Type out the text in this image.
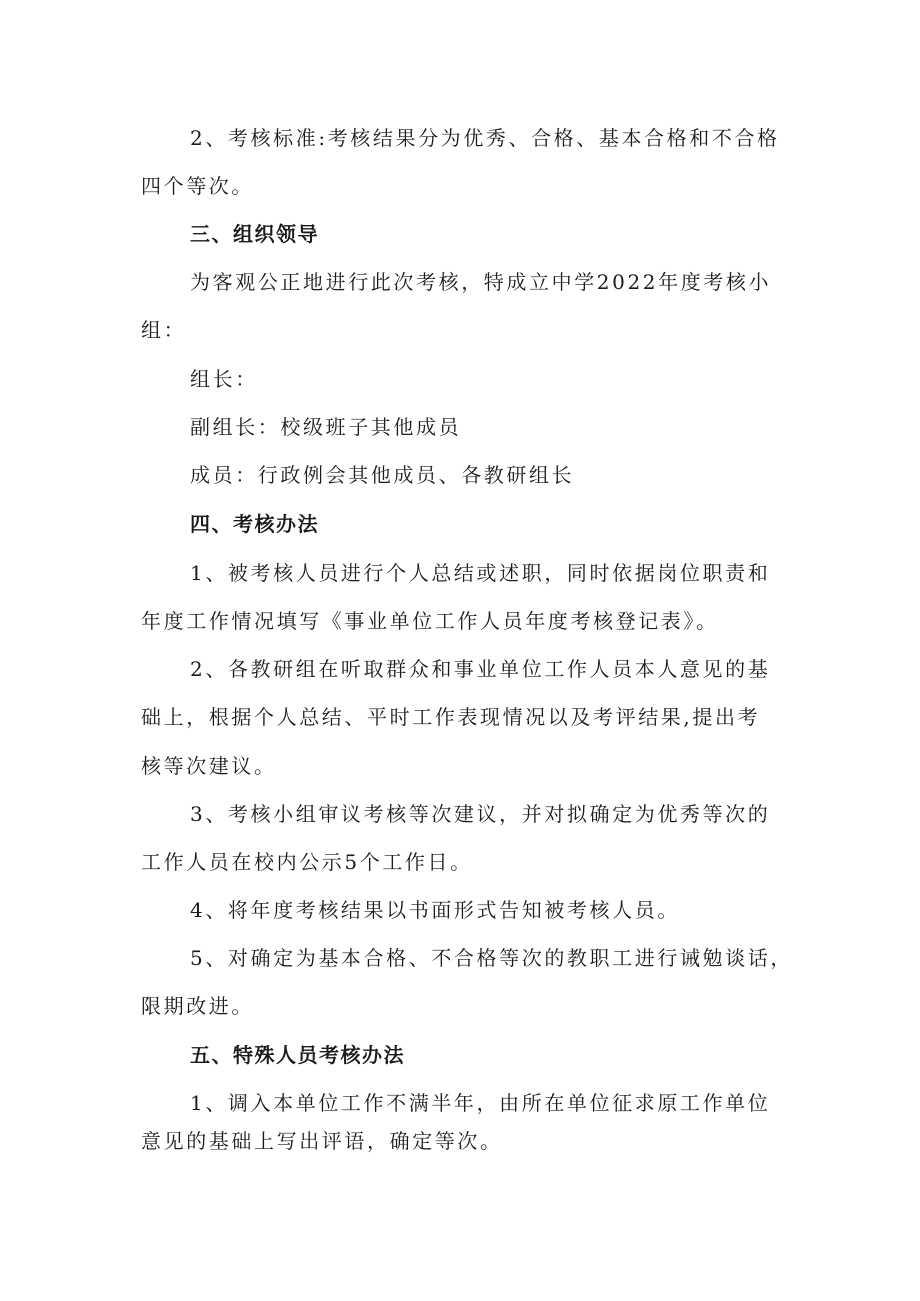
2、考核标准:考核结果分为优秀、合格、基本合格和不合格
四个等次。
三、组织领导
为客观公正地进行此次考核，特成立中学2022年度考核小
组：
组长：
副组长：校级班子其他成员
成员：行政例会其他成员、各教研组长
四、考核办法
1、被考核人员进行个人总结或述职，同时依据岗位职责和
年度工作情况填写《事业单位工作人员年度考核登记表》。
2、各教研组在听取群众和事业单位工作人员本人意见的基
础上，根据个人总结、平时工作表现情况以及考评结果,提出考
核等次建议。
3、考核小组审议考核等次建议，并对拟确定为优秀等次的
工作人员在校内公示5个工作日。
4、将年度考核结果以书面形式告知被考核人员。
5、对确定为基本合格、不合格等次的教职工进行诫勉谈话，
限期改进。
五、特殊人员考核办法
1、调入本单位工作不满半年，由所在单位征求原工作单位
意见的基础上写出评语，确定等次。
